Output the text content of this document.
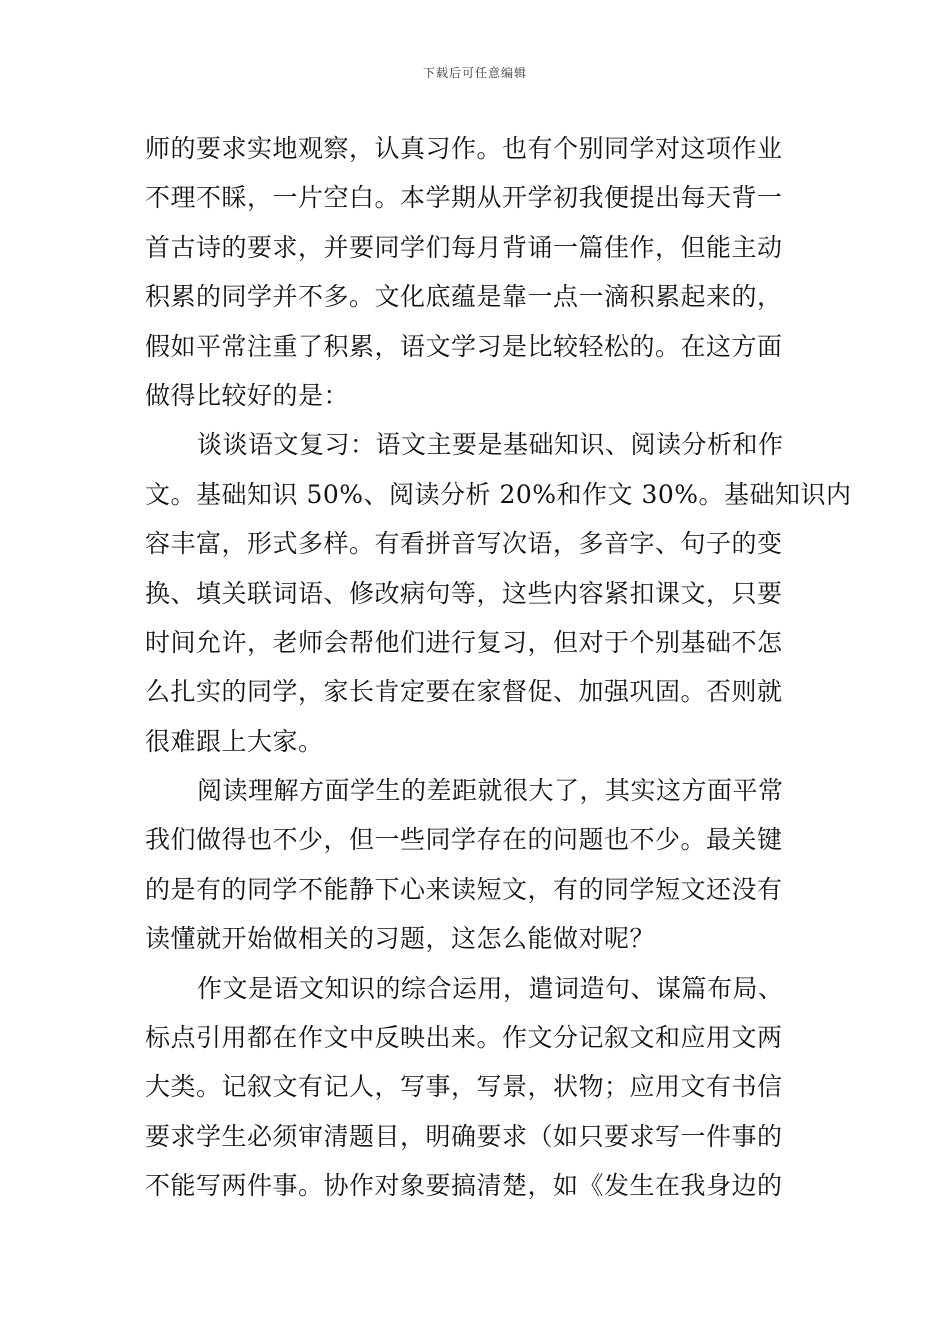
下载后可任意编辑
师的要求实地观察，认真习作。也有个别同学对这项作业
不理不睬，一片空白。本学期从开学初我便提出每天背一
首古诗的要求，并要同学们每月背诵一篇佳作，但能主动
积累的同学并不多。文化底蕴是靠一点一滴积累起来的，
假如平常注重了积累，语文学习是比较轻松的。在这方面
做得比较好的是：
谈谈语文复习：语文主要是基础知识、阅读分析和作
文。基础知识 50%、阅读分析 20%和作文 30%。基础知识内
容丰富，形式多样。有看拼音写次语，多音字、句子的变
换、填关联词语、修改病句等，这些内容紧扣课文，只要
时间允许，老师会帮他们进行复习，但对于个别基础不怎
么扎实的同学，家长肯定要在家督促、加强巩固。否则就
很难跟上大家。
阅读理解方面学生的差距就很大了，其实这方面平常
我们做得也不少，但一些同学存在的问题也不少。最关键
的是有的同学不能静下心来读短文，有的同学短文还没有
读懂就开始做相关的习题，这怎么能做对呢？
作文是语文知识的综合运用，遣词造句、谋篇布局、
标点引用都在作文中反映出来。作文分记叙文和应用文两
大类。记叙文有记人，写事，写景，状物；应用文有书信
要求学生必须审清题目，明确要求（如只要求写一件事的
不能写两件事。协作对象要搞清楚，如《发生在我身边的
